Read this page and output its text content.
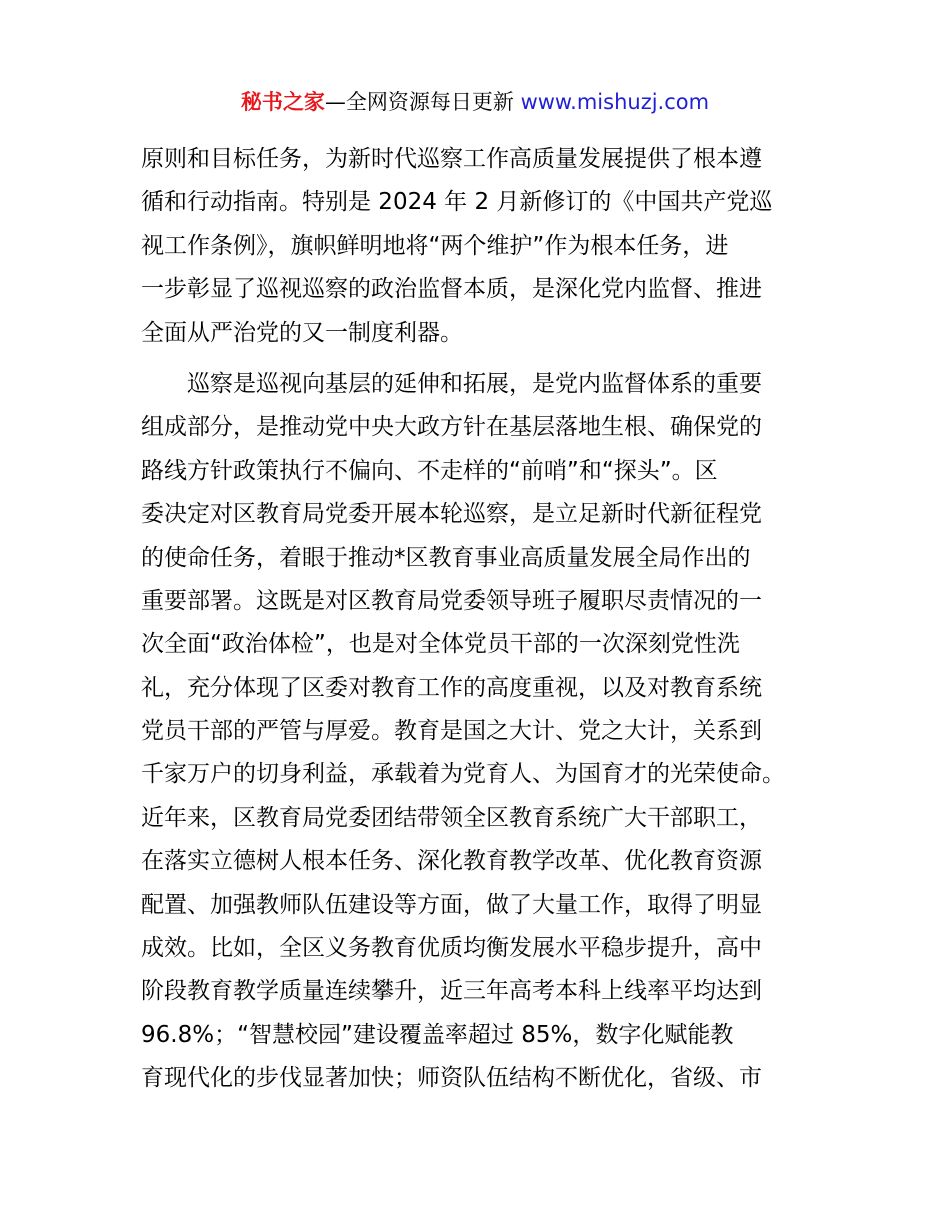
秘书之家—全网资源每日更新 www.mishuzj.com
原则和目标任务，为新时代巡察工作高质量发展提供了根本遵
循和行动指南。特别是 2024 年 2 月新修订的《中国共产党巡
视工作条例》，旗帜鲜明地将“两个维护”作为根本任务，进
一步彰显了巡视巡察的政治监督本质，是深化党内监督、推进
全面从严治党的又一制度利器。
巡察是巡视向基层的延伸和拓展，是党内监督体系的重要
组成部分，是推动党中央大政方针在基层落地生根、确保党的
路线方针政策执行不偏向、不走样的“前哨”和“探头”。区
委决定对区教育局党委开展本轮巡察，是立足新时代新征程党
的使命任务，着眼于推动*区教育事业高质量发展全局作出的
重要部署。这既是对区教育局党委领导班子履职尽责情况的一
次全面“政治体检”，也是对全体党员干部的一次深刻党性洗
礼，充分体现了区委对教育工作的高度重视，以及对教育系统
党员干部的严管与厚爱。教育是国之大计、党之大计，关系到
千家万户的切身利益，承载着为党育人、为国育才的光荣使命。
近年来，区教育局党委团结带领全区教育系统广大干部职工，
在落实立德树人根本任务、深化教育教学改革、优化教育资源
配置、加强教师队伍建设等方面，做了大量工作，取得了明显
成效。比如，全区义务教育优质均衡发展水平稳步提升，高中
阶段教育教学质量连续攀升，近三年高考本科上线率平均达到
96.8%；“智慧校园”建设覆盖率超过 85%，数字化赋能教
育现代化的步伐显著加快；师资队伍结构不断优化，省级、市
